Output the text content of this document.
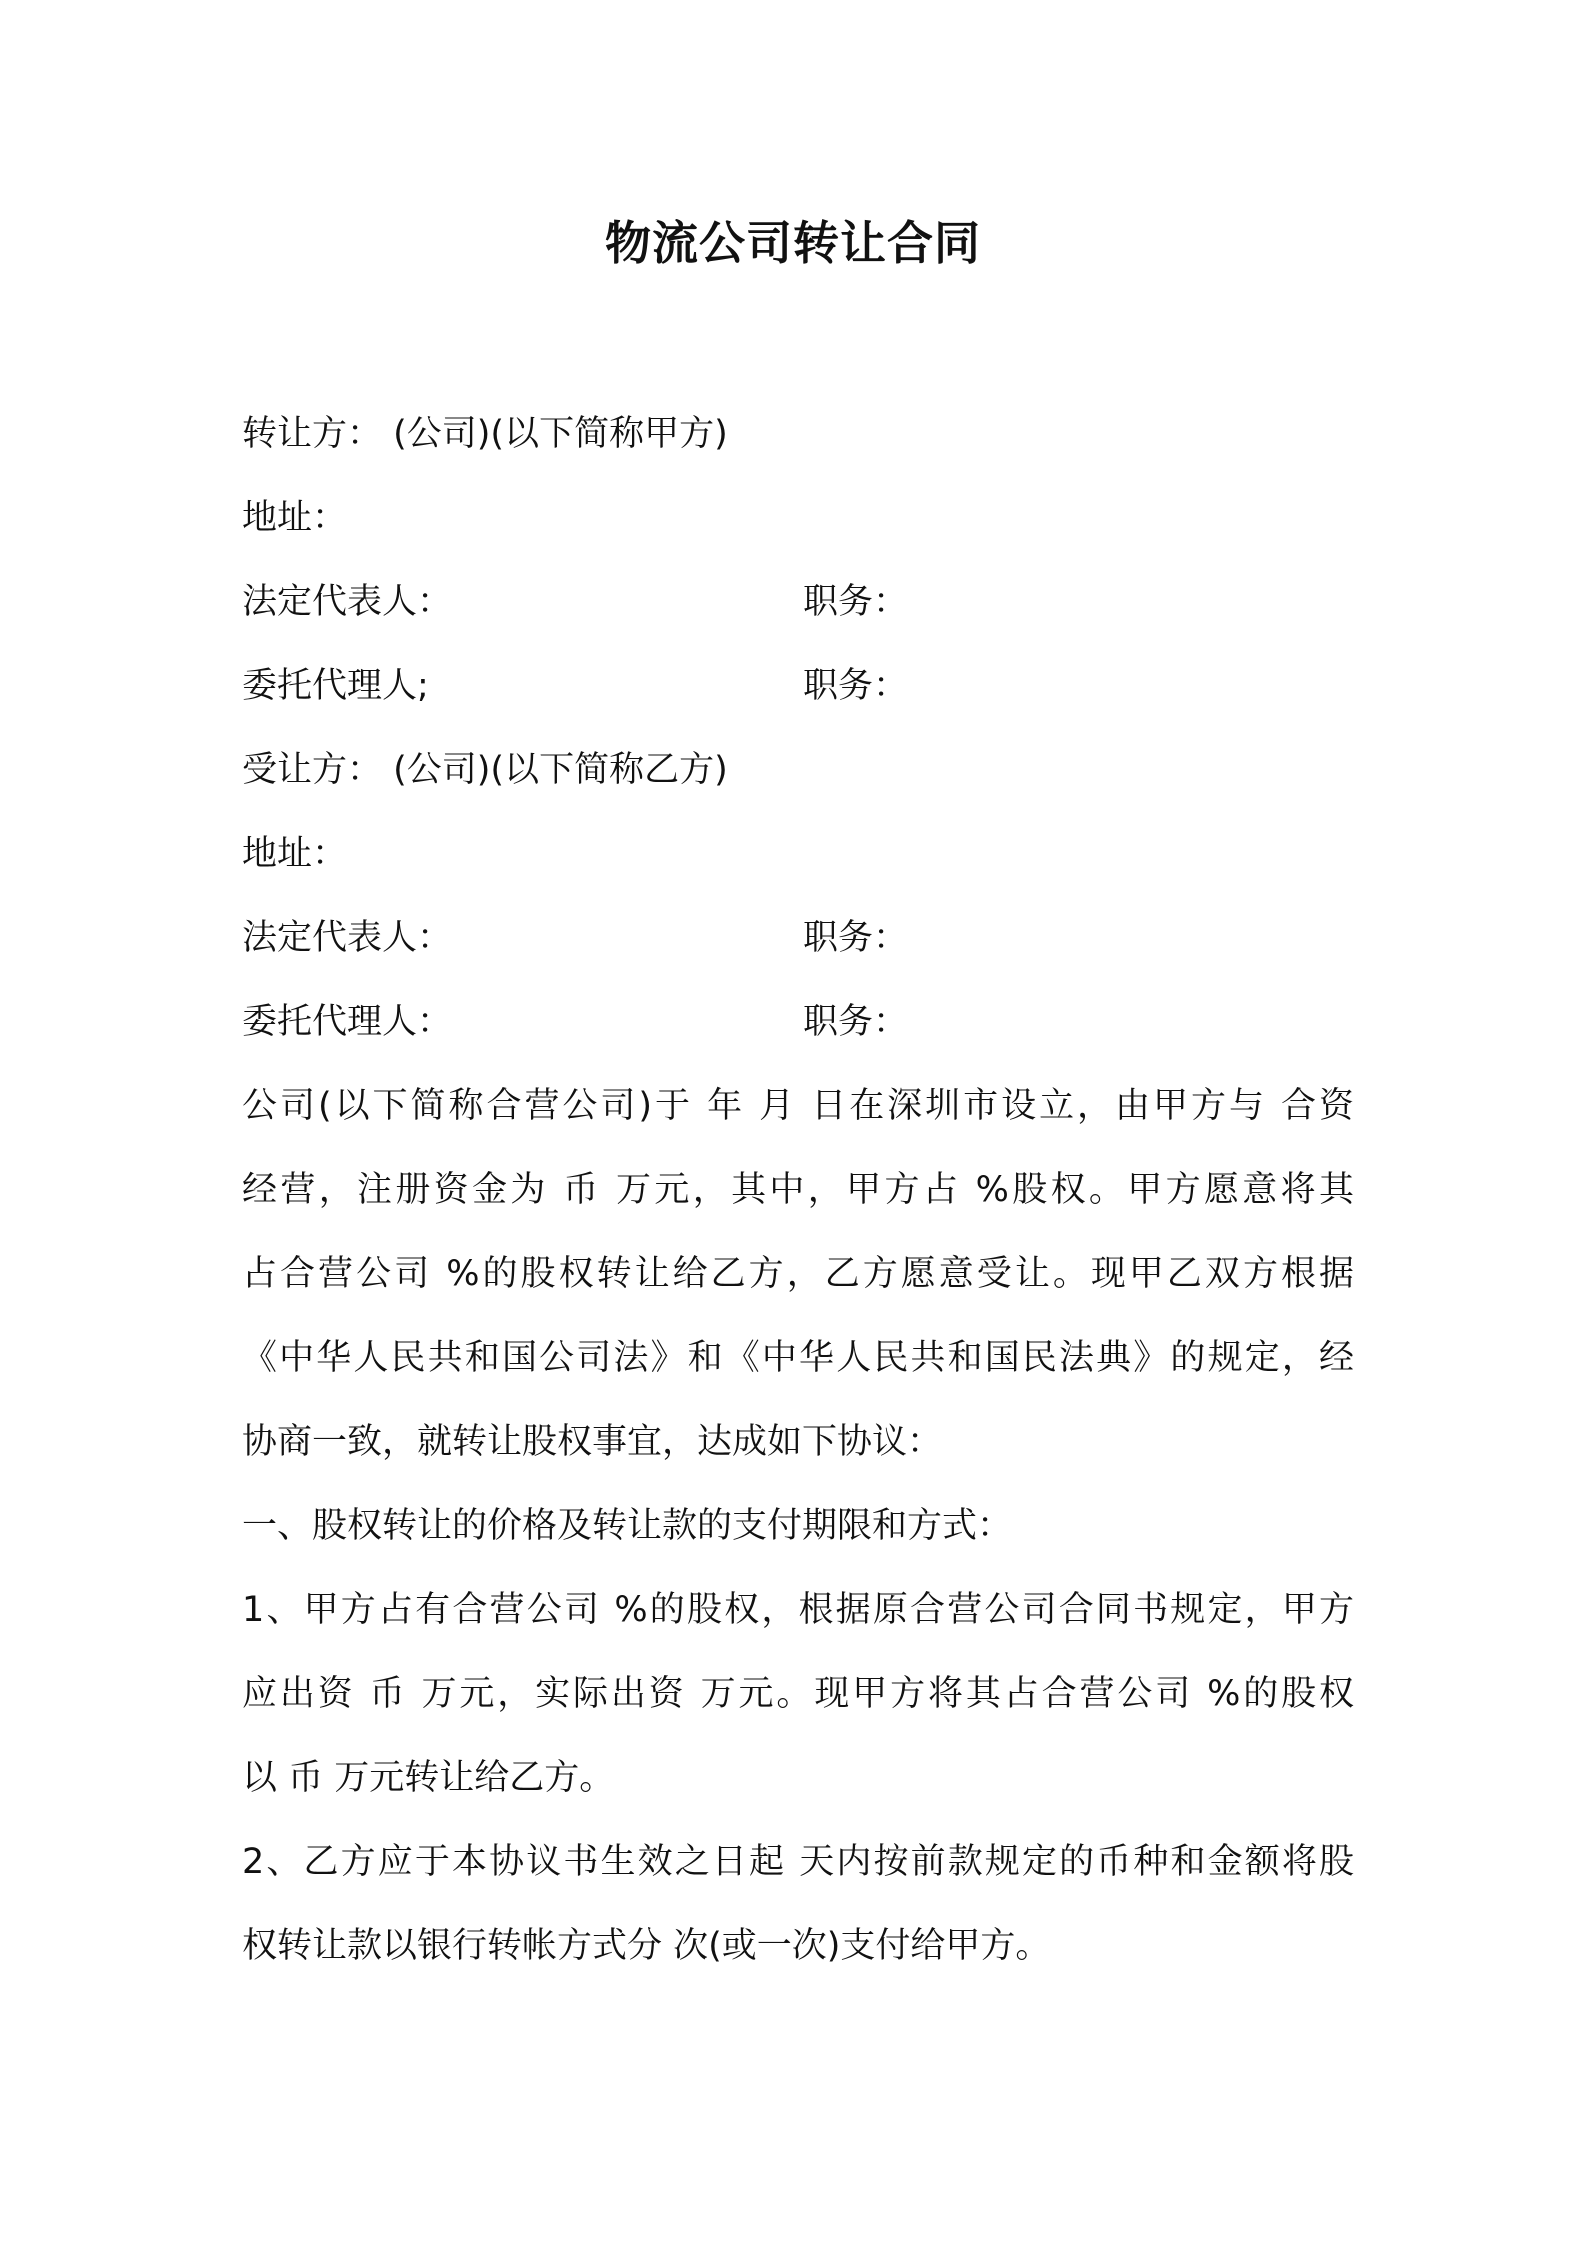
物流公司转让合同
转让方： (公司)(以下简称甲方)
地址：
法定代表人：	职务：
委托代理人;	职务：
受让方： (公司)(以下简称乙方)
地址：
法定代表人：	职务：
委托代理人：	职务：
公司(以下简称合营公司)于 年 月 日在深圳市设立，由甲方与 合资
经营，注册资金为 币 万元，其中，甲方占 %股权。甲方愿意将其
占合营公司 %的股权转让给乙方，乙方愿意受让。现甲乙双方根据
《中华人民共和国公司法》和《中华人民共和国民法典》的规定，经
协商一致，就转让股权事宜，达成如下协议：
一、股权转让的价格及转让款的支付期限和方式：
1、甲方占有合营公司 %的股权，根据原合营公司合同书规定，甲方
应出资 币 万元，实际出资 万元。现甲方将其占合营公司 %的股权
以 币 万元转让给乙方。
2、乙方应于本协议书生效之日起 天内按前款规定的币种和金额将股
权转让款以银行转帐方式分 次(或一次)支付给甲方。
